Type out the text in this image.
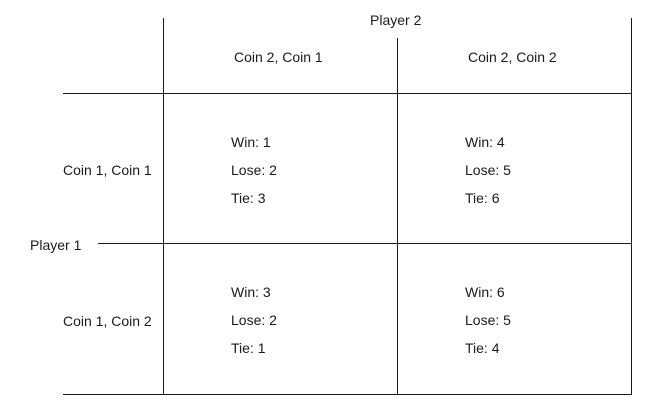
Player 2
Player 1
Coin 2, Coin 1	Coin 2, Coin 2
Coin 1, Coin 1
Coin 1, Coin 2
Win: 1
Lose: 2
Tie: 3
Win: 4
Lose: 5
Tie: 6
Win: 3
Lose: 2
Tie: 1
Win: 6
Lose: 5
Tie: 4
